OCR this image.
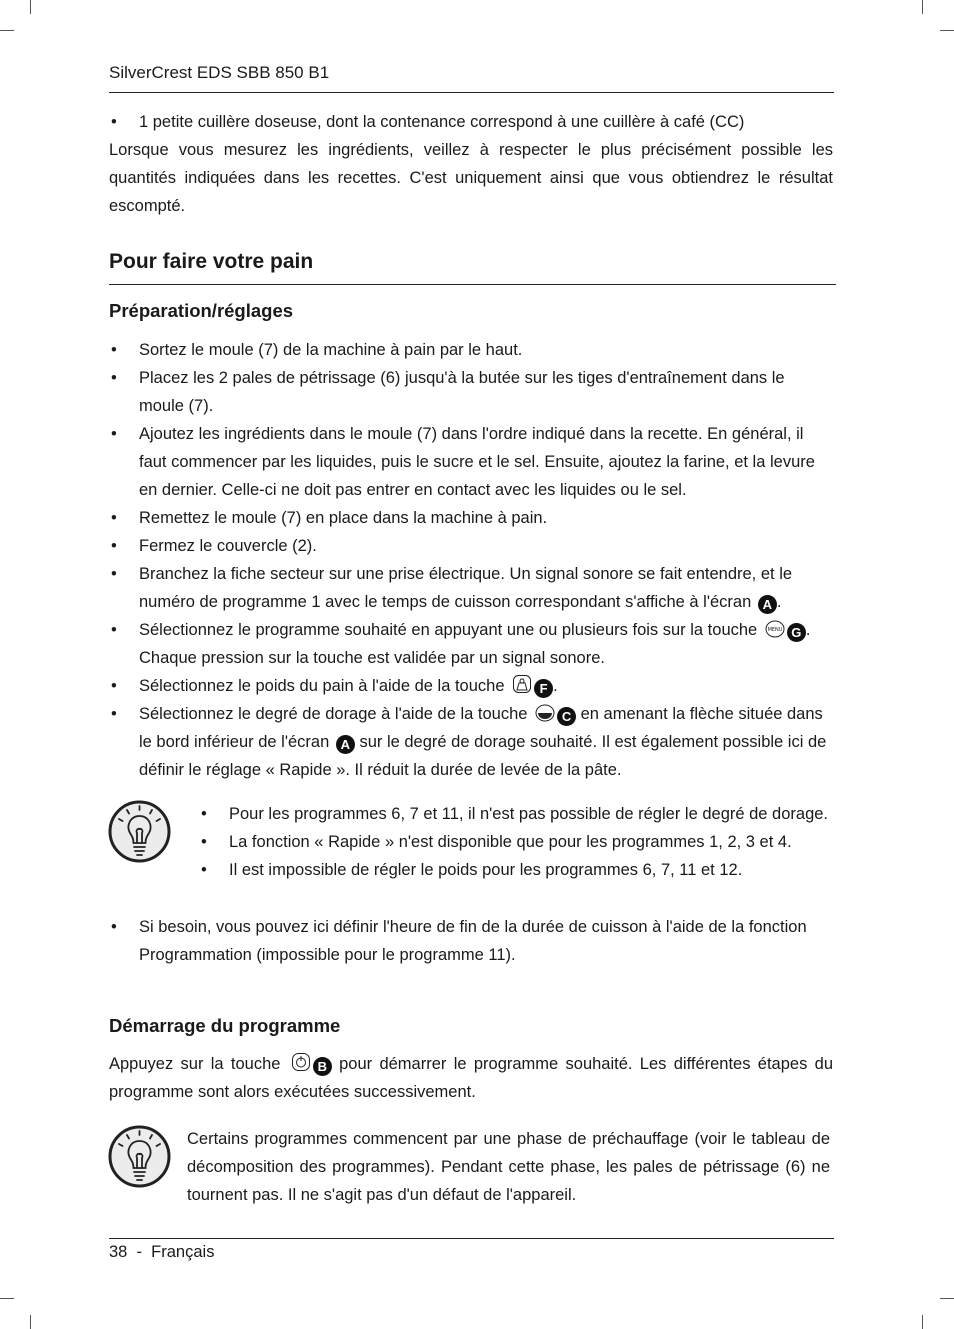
SilverCrest EDS SBB 850 B1
• 1 petite cuillère doseuse, dont la contenance correspond à une cuillère à café (CC)
Lorsque vous mesurez les ingrédients, veillez à respecter le plus précisément possible les quantités indiquées dans les recettes. C'est uniquement ainsi que vous obtiendrez le résultat escompté.
Pour faire votre pain
Préparation/réglages
• Sortez le moule (7) de la machine à pain par le haut.
• Placez les 2 pales de pétrissage (6) jusqu'à la butée sur les tiges d'entraînement dans le moule (7).
• Ajoutez les ingrédients dans le moule (7) dans l'ordre indiqué dans la recette. En général, il faut commencer par les liquides, puis le sucre et le sel. Ensuite, ajoutez la farine, et la levure en dernier. Celle-ci ne doit pas entrer en contact avec les liquides ou le sel.
• Remettez le moule (7) en place dans la machine à pain.
• Fermez le couvercle (2).
• Branchez la fiche secteur sur une prise électrique. Un signal sonore se fait entendre, et le numéro de programme 1 avec le temps de cuisson correspondant s'affiche à l'écran A .
• Sélectionnez le programme souhaité en appuyant une ou plusieurs fois sur la touche MENU G . Chaque pression sur la touche est validée par un signal sonore.
• Sélectionnez le poids du pain à l'aide de la touche	F .
• Sélectionnez le degré de dorage à l'aide de la touche	C en amenant la flèche située dans le bord inférieur de l'écran A sur le degré de dorage souhaité. Il est également possible ici de définir le réglage « Rapide ». Il réduit la durée de levée de la pâte.
• Pour les programmes 6, 7 et 11, il n'est pas possible de régler le degré de dorage.
• La fonction « Rapide » n'est disponible que pour les programmes 1, 2, 3 et 4.
• Il est impossible de régler le poids pour les programmes 6, 7, 11 et 12.
• Si besoin, vous pouvez ici définir l'heure de fin de la durée de cuisson à l'aide de la fonction Programmation (impossible pour le programme 11).
Démarrage du programme
Appuyez sur la touche	B pour démarrer le programme souhaité. Les différentes étapes du programme sont alors exécutées successivement.
Certains programmes commencent par une phase de préchauffage (voir le tableau de décomposition des programmes). Pendant cette phase, les pales de pétrissage (6) ne tournent pas. Il ne s'agit pas d'un défaut de l'appareil.
38  -  Français
